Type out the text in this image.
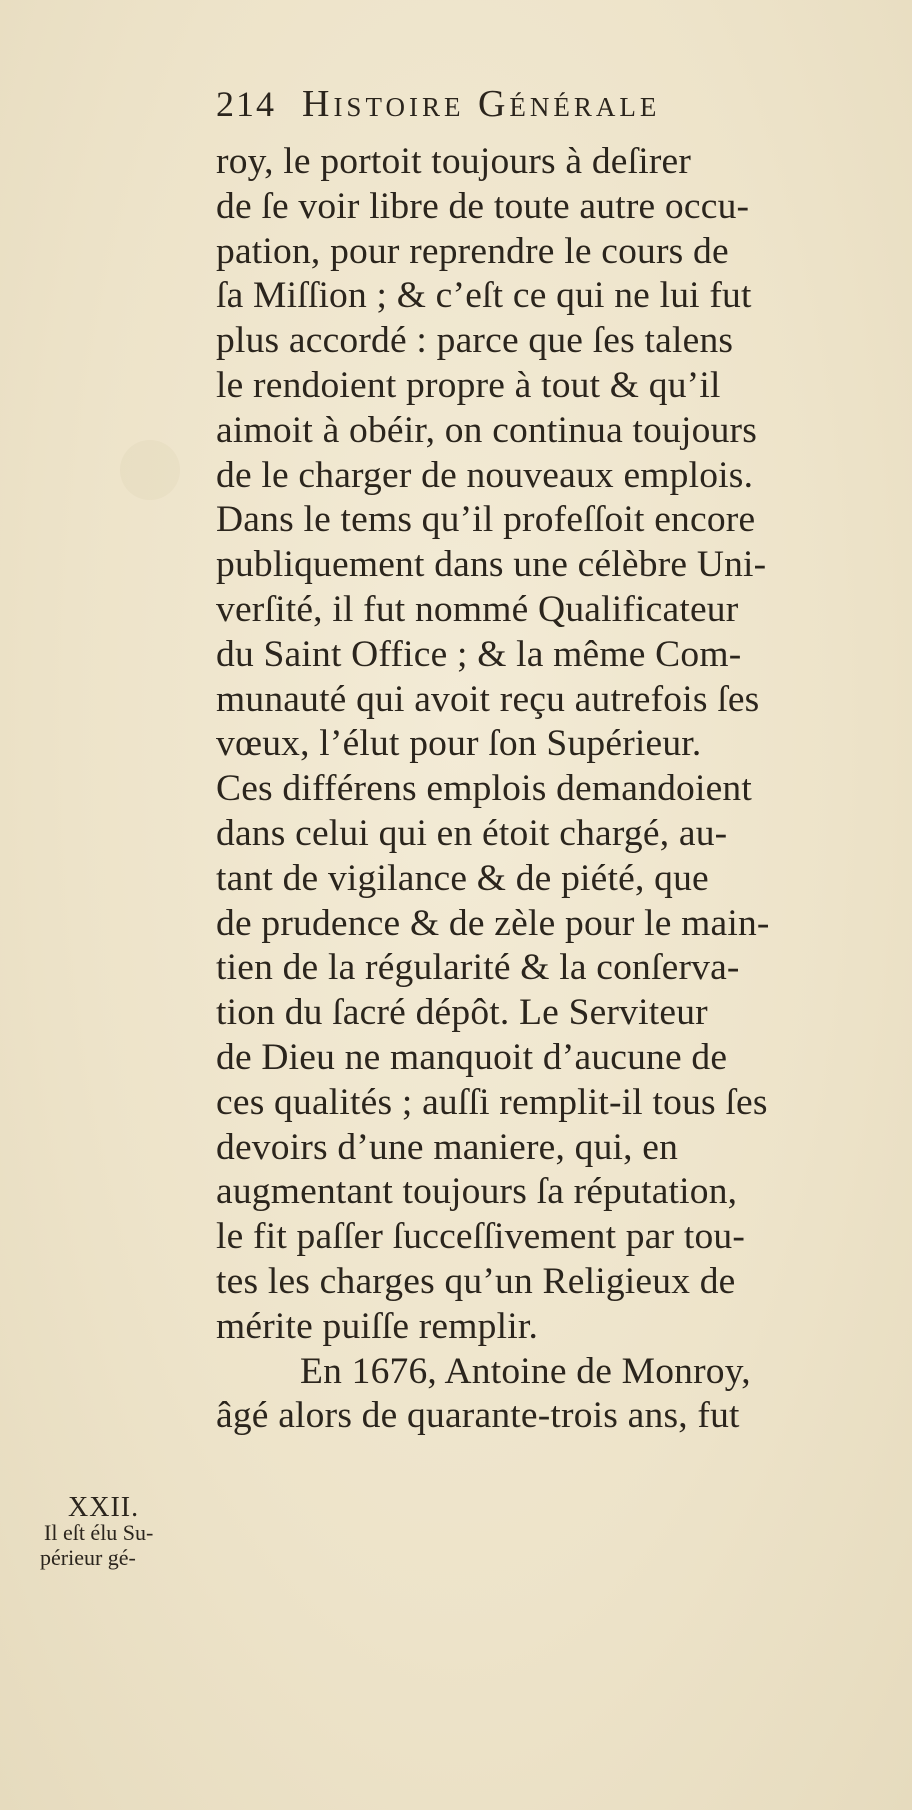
214 Histoire Générale
roy, le portoit toujours à deſirer
de ſe voir libre de toute autre occu-
pation, pour reprendre le cours de
ſa Miſſion ; & c’eſt ce qui ne lui fut
plus accordé : parce que ſes talens
le rendoient propre à tout & qu’il
aimoit à obéir, on continua toujours
de le charger de nouveaux emplois.
Dans le tems qu’il profeſſoit encore
publiquement dans une célèbre Uni-
verſité, il fut nommé Qualificateur
du Saint Office ; & la même Com-
munauté qui avoit reçu autrefois ſes
vœux, l’élut pour ſon Supérieur.
Ces différens emplois demandoient
dans celui qui en étoit chargé, au-
tant de vigilance & de piété, que
de prudence & de zèle pour le main-
tien de la régularité & la conſerva-
tion du ſacré dépôt. Le Serviteur
de Dieu ne manquoit d’aucune de
ces qualités ; auſſi remplit-il tous ſes
devoirs d’une maniere, qui, en
augmentant toujours ſa réputation,
le fit paſſer ſucceſſivement par tou-
tes les charges qu’un Religieux de
mérite puiſſe remplir.
En 1676, Antoine de Monroy,
âgé alors de quarante-trois ans, fut
XXII.
Il eſt élu Su-
périeur gé-
